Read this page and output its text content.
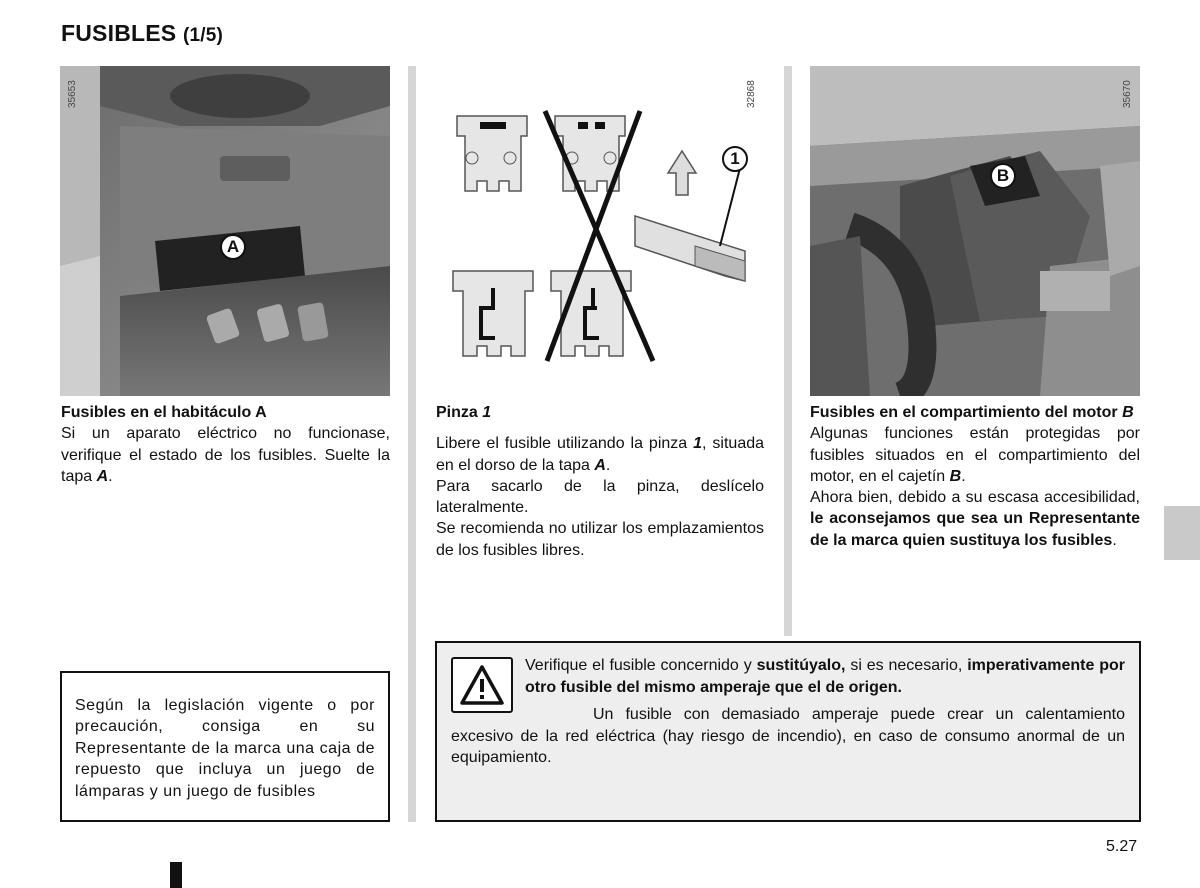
FUSIBLES (1/5)
35653
A

Fusibles en el habitáculo A

Si un aparato eléctrico no funcionase, verifique el estado de los fusibles. Suelte la tapa A.

Según la legislación vigente o por precaución, consiga en su Representante de la marca una caja de repuesto que incluya un juego de lámparas y un juego de fusibles

32868
1

Pinza 1

Libere el fusible utilizando la pinza 1, situada en el dorso de la tapa A.

Para sacarlo de la pinza, deslícelo lateralmente.

Se recomienda no utilizar los emplazamientos de los fusibles libres.

35670
B

Fusibles en el compartimiento del motor B

Algunas funciones están protegidas por fusibles situados en el compartimiento del motor, en el cajetín B.

Ahora bien, debido a su escasa accesibilidad, le aconsejamos que sea un Representante de la marca quien sustituya los fusibles.

Verifique el fusible concernido y sustitúyalo, si es necesario, imperativamente por otro fusible del mismo amperaje que el de origen.

Un fusible con demasiado amperaje puede crear un calentamiento excesivo de la red eléctrica (hay riesgo de incendio), en caso de consumo anormal de un equipamiento.

5.27
